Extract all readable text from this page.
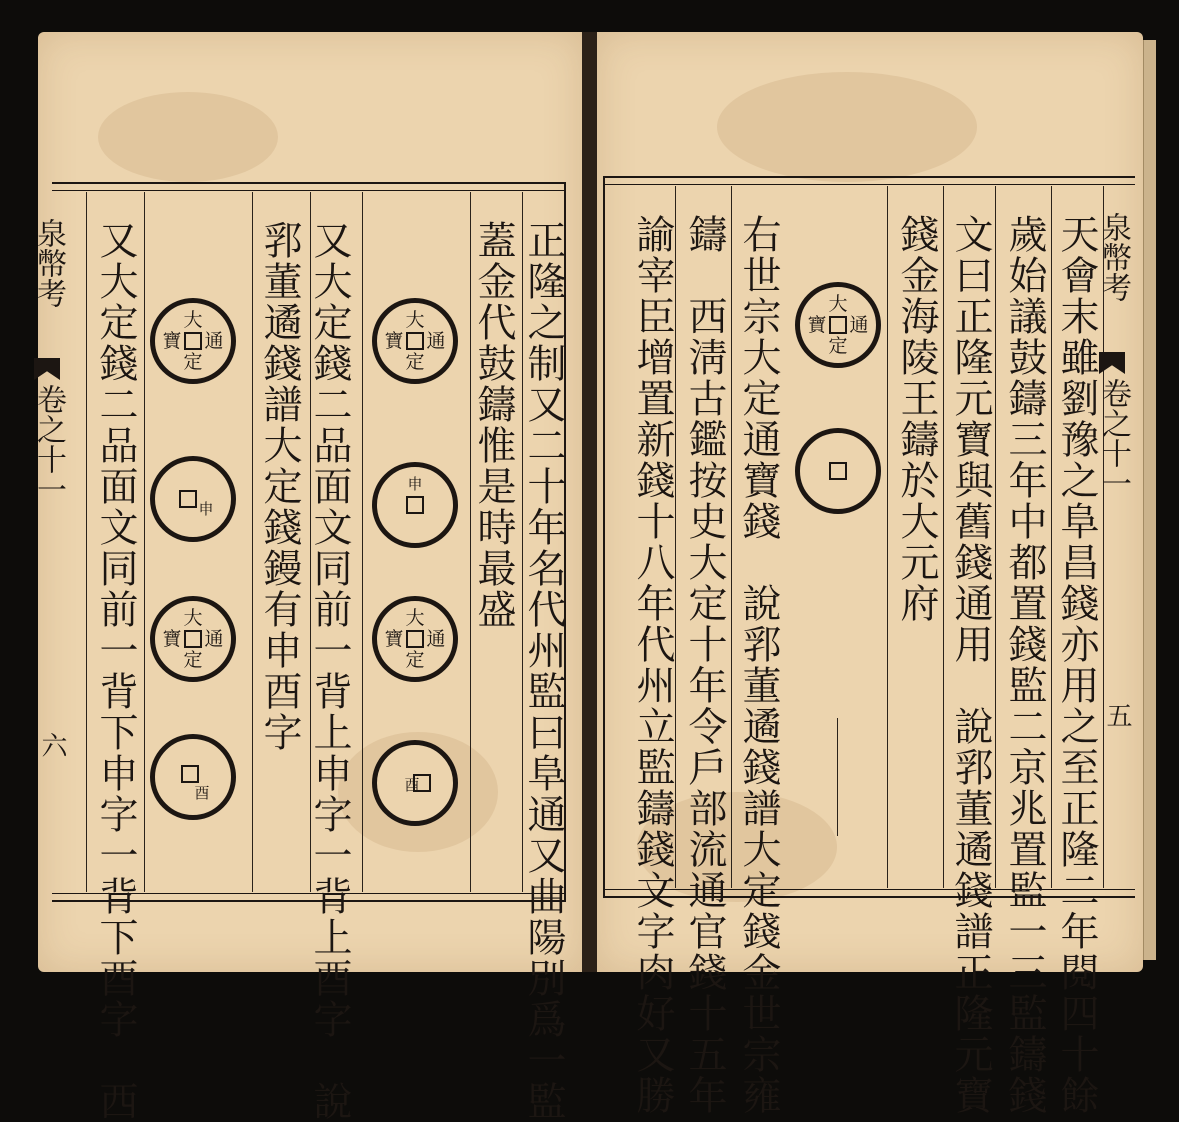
正隆之制又二十年名代州監曰阜通又曲陽別爲一監
蓋金代鼓鑄惟是時最盛
又大定錢二品面文同前一背上申字一背上酉字　說
郛董遹錢譜大定錢鏝有申酉字
又大定錢二品面文同前一背下申字一背下酉字　西	大
通
定
寶
申
大
通
定
寶
酉
大
通
定
寶
申
大
通
定
寶
酉
泉幣考
卷之十一
六	天會末雖劉豫之阜昌錢亦用之至正隆二年閱四十餘
歲始議鼓鑄三年中都置錢監二京兆置監一三監鑄錢
文曰正隆元寶與舊錢通用　說郛董遹錢譜正隆元寶
錢金海陵王鑄於大元府
右世宗大定通寶錢　說郛董遹錢譜大定錢金世宗雍
鑄　西淸古鑑按史大定十年令戶部流通官錢十五年
諭宰臣增置新錢十八年代州立監鑄錢文字肉好又勝	大
通
定
寶
泉幣考
卷之十一
五
